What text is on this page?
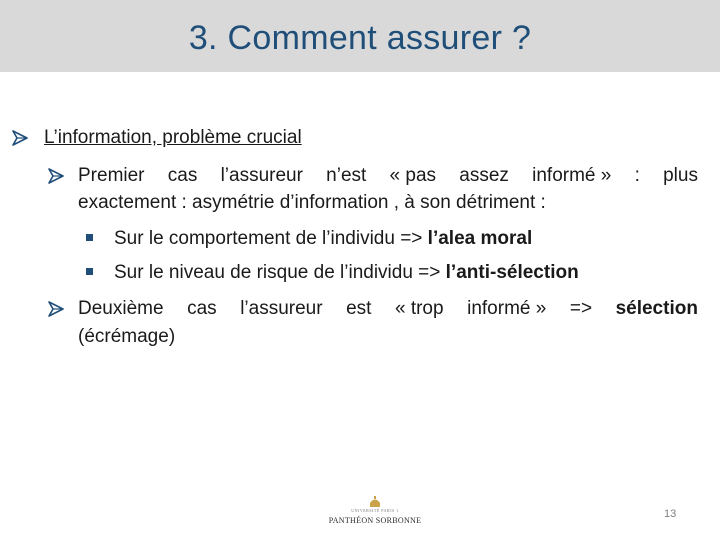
3. Comment assurer ?
L’information, problème crucial
Premier cas l’assureur n’est « pas assez informé » : plus
exactement : asymétrie d’information , à son détriment :
Sur le comportement de l’individu => l’alea moral
Sur le niveau de risque de l’individu => l’anti-sélection
Deuxième cas l’assureur est « trop informé » => sélection
(écrémage)
UNIVERSITÉ PARIS 1
PANTHÉON SORBONNE
13
